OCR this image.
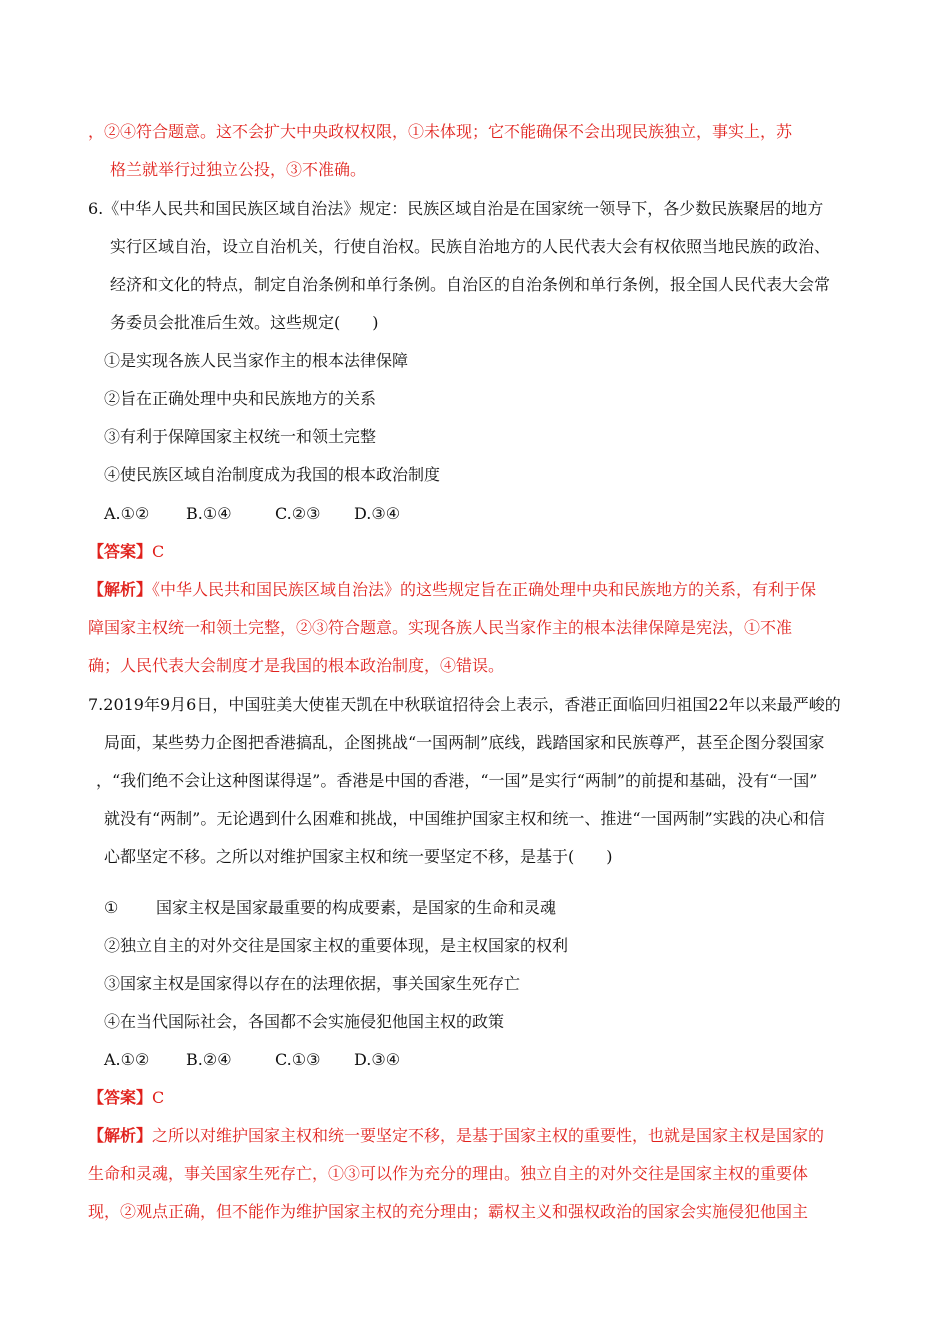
，②④符合题意。这不会扩大中央政权权限，①未体现；它不能确保不会出现民族独立，事实上，苏
格兰就举行过独立公投，③不准确。
6.《中华人民共和国民族区域自治法》规定：民族区域自治是在国家统一领导下，各少数民族聚居的地方
实行区域自治，设立自治机关，行使自治权。民族自治地方的人民代表大会有权依照当地民族的政治、
经济和文化的特点，制定自治条例和单行条例。自治区的自治条例和单行条例，报全国人民代表大会常
务委员会批准后生效。这些规定(　　)
①是实现各族人民当家作主的根本法律保障
②旨在正确处理中央和民族地方的关系
③有利于保障国家主权统一和领土完整
④使民族区域自治制度成为我国的根本政治制度
A.①② B.①④	C.②③ D.③④
【答案】C
【解析】《中华人民共和国民族区域自治法》的这些规定旨在正确处理中央和民族地方的关系，有利于保
障国家主权统一和领土完整，②③符合题意。实现各族人民当家作主的根本法律保障是宪法，①不准
确；人民代表大会制度才是我国的根本政治制度，④错误。
7.2019年9月6日，中国驻美大使崔天凯在中秋联谊招待会上表示，香港正面临回归祖国22年以来最严峻的
局面，某些势力企图把香港搞乱，企图挑战“一国两制”底线，践踏国家和民族尊严，甚至企图分裂国家
，“我们绝不会让这种图谋得逞”。香港是中国的香港，“一国”是实行“两制”的前提和基础，没有“一国”
就没有“两制”。无论遇到什么困难和挑战，中国维护国家主权和统一、推进“一国两制”实践的决心和信
心都坚定不移。之所以对维护国家主权和统一要坚定不移，是基于(　　)
① 国家主权是国家最重要的构成要素，是国家的生命和灵魂
②独立自主的对外交往是国家主权的重要体现，是主权国家的权利
③国家主权是国家得以存在的法理依据，事关国家生死存亡
④在当代国际社会，各国都不会实施侵犯他国主权的政策
A.①② B.②④	C.①③ D.③④
【答案】C
【解析】之所以对维护国家主权和统一要坚定不移，是基于国家主权的重要性，也就是国家主权是国家的
生命和灵魂，事关国家生死存亡，①③可以作为充分的理由。独立自主的对外交往是国家主权的重要体
现，②观点正确，但不能作为维护国家主权的充分理由；霸权主义和强权政治的国家会实施侵犯他国主
